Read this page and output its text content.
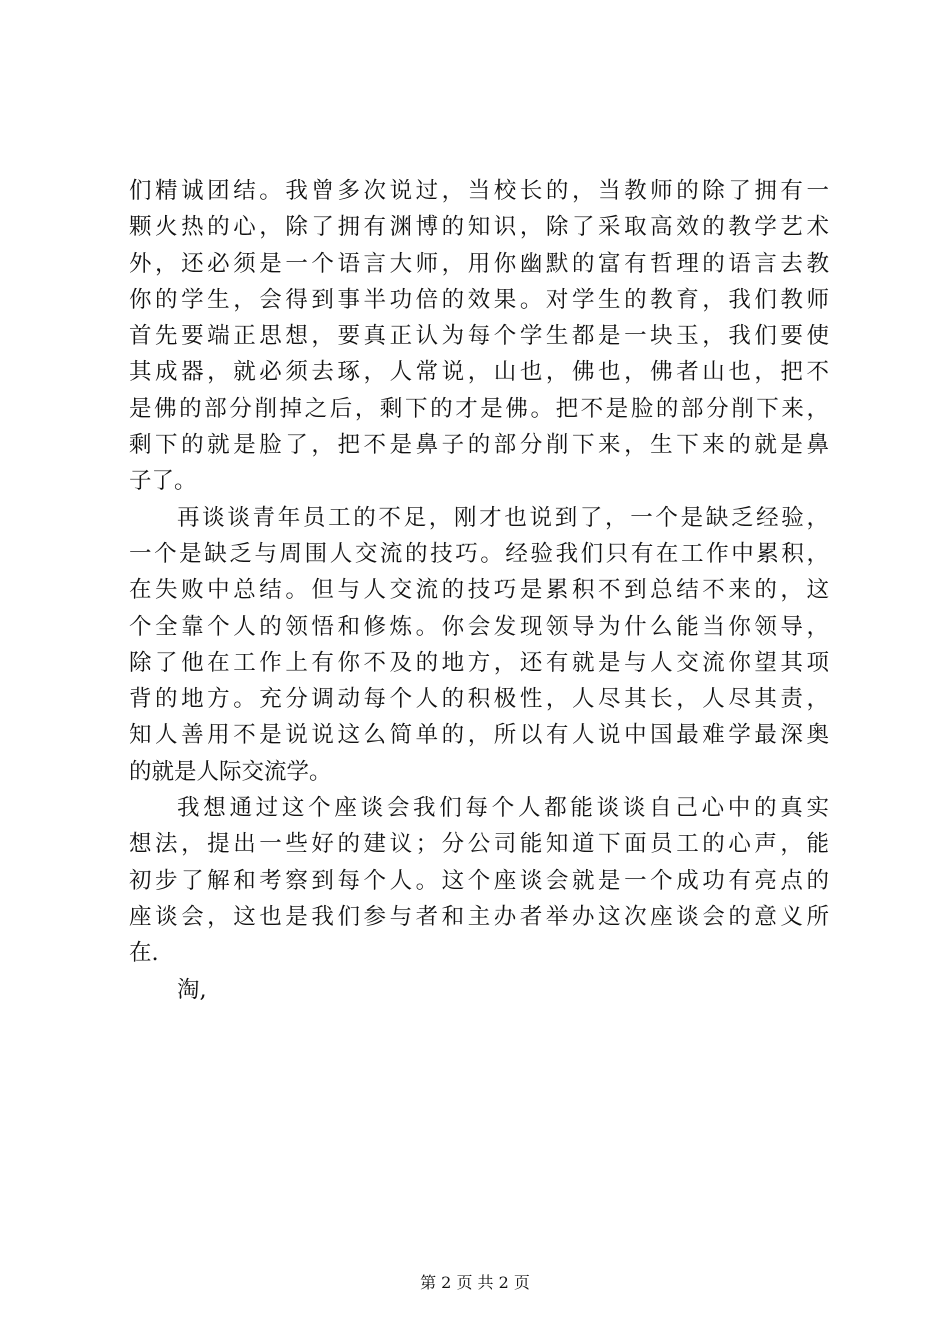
们精诚团结。我曾多次说过，当校长的，当教师的除了拥有一
颗火热的心，除了拥有渊博的知识，除了采取高效的教学艺术
外，还必须是一个语言大师，用你幽默的富有哲理的语言去教
你的学生，会得到事半功倍的效果。对学生的教育，我们教师
首先要端正思想，要真正认为每个学生都是一块玉，我们要使
其成器，就必须去琢，人常说，山也，佛也，佛者山也，把不
是佛的部分削掉之后，剩下的才是佛。把不是脸的部分削下来，
剩下的就是脸了，把不是鼻子的部分削下来，生下来的就是鼻
子了。
再谈谈青年员工的不足，刚才也说到了，一个是缺乏经验，
一个是缺乏与周围人交流的技巧。经验我们只有在工作中累积，
在失败中总结。但与人交流的技巧是累积不到总结不来的，这
个全靠个人的领悟和修炼。你会发现领导为什么能当你领导，
除了他在工作上有你不及的地方，还有就是与人交流你望其项
背的地方。充分调动每个人的积极性，人尽其长，人尽其责，
知人善用不是说说这么简单的，所以有人说中国最难学最深奥
的就是人际交流学。
我想通过这个座谈会我们每个人都能谈谈自己心中的真实
想法，提出一些好的建议；分公司能知道下面员工的心声，能
初步了解和考察到每个人。这个座谈会就是一个成功有亮点的
座谈会，这也是我们参与者和主办者举办这次座谈会的意义所
在.
淘,
第 2 页 共 2 页
